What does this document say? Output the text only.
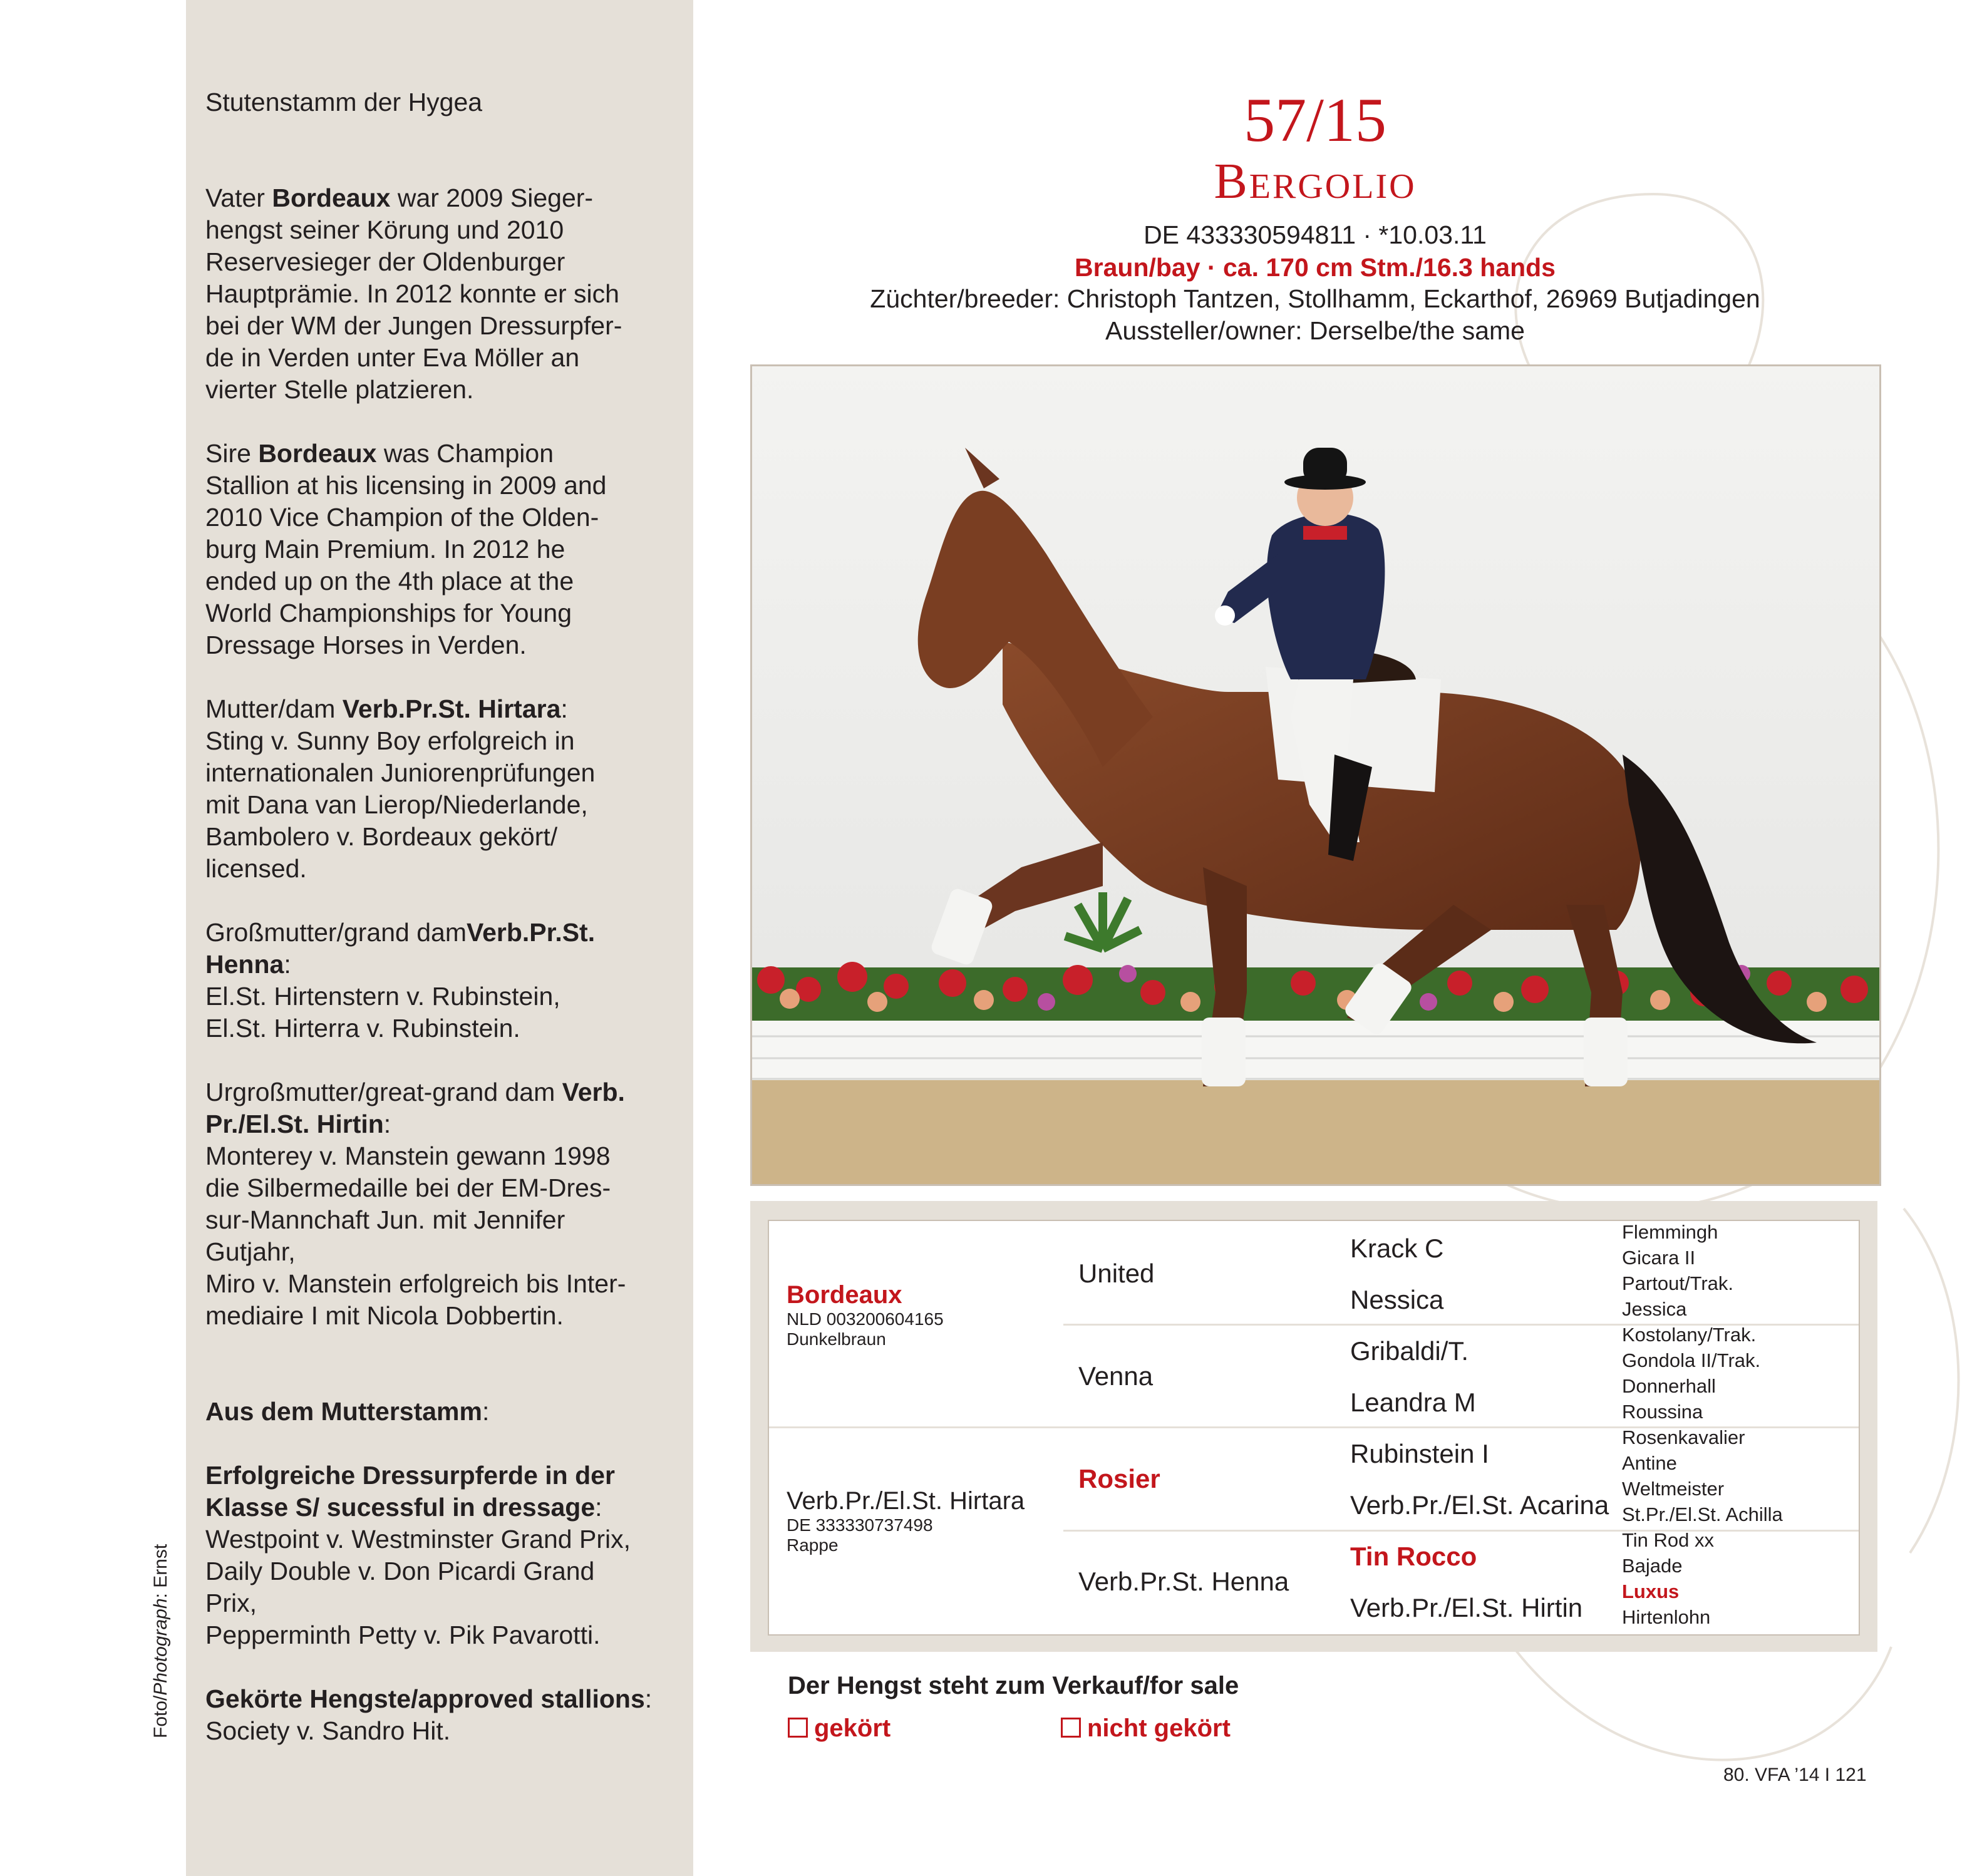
Foto/Photograph: Ernst

Stutenstamm der Hygea

Vater Bordeaux war 2009 Sieger-

hengst seiner Körung und 2010

Reservesieger der Oldenburger

Hauptprämie. In 2012 konnte er sich

bei der WM der Jungen Dressurpfer-

de in Verden unter Eva Möller an

vierter Stelle platzieren.

Sire Bordeaux was Champion

Stallion at his licensing in 2009 and

2010 Vice Champion of the Olden-

burg Main Premium. In 2012 he

ended up on the 4th place at the

World Championships for Young

Dressage Horses in Verden.

Mutter/dam Verb.Pr.St. Hirtara:

Sting v. Sunny Boy erfolgreich in

internationalen Juniorenprüfungen

mit Dana van Lierop/Niederlande,

Bambolero v. Bordeaux gekört/

licensed.

Großmutter/grand damVerb.Pr.St.

Henna:

El.St. Hirtenstern v. Rubinstein,

El.St. Hirterra v. Rubinstein.

Urgroßmutter/great-grand dam Verb.

Pr./El.St. Hirtin:

Monterey v. Manstein gewann 1998

die Silbermedaille bei der EM-Dres-

sur-Mannchaft Jun. mit Jennifer

Gutjahr,

Miro v. Manstein erfolgreich bis Inter-

mediaire I mit Nicola Dobbertin.

Aus dem Mutterstamm:

Erfolgreiche Dressurpferde in der

Klasse S/ sucessful in dressage:

Westpoint v. Westminster Grand Prix,

Daily Double v. Don Picardi Grand

Prix,

Pepperminth Petty v. Pik Pavarotti.

Gekörte Hengste/approved stallions:

Society v. Sandro Hit.

57/15
Bergolio
DE 433330594811 · *10.03.11
Braun/bay · ca. 170 cm Stm./16.3 hands
Züchter/breeder: Christoph Tantzen, Stollhamm, Eckarthof, 26969 Butjadingen
Aussteller/owner: Derselbe/the same
Bordeaux
NLD 003200604165
Dunkelbraun
Verb.Pr./El.St. Hirtara
DE 333330737498
Rappe
United
Venna
Rosier
Verb.Pr.St. Henna
Krack C
Nessica
Gribaldi/T.
Leandra M
Rubinstein I
Verb.Pr./El.St. Acarina
Tin Rocco
Verb.Pr./El.St. Hirtin
Flemmingh
Gicara II
Partout/Trak.
Jessica
Kostolany/Trak.
Gondola II/Trak.
Donnerhall
Roussina
Rosenkavalier
Antine
Weltmeister
St.Pr./El.St. Achilla
Tin Rod xx
Bajade
Luxus
Hirtenlohn
Der Hengst steht zum Verkauf/for sale
gekört	nicht gekört
80. VFA ’14 I 121
